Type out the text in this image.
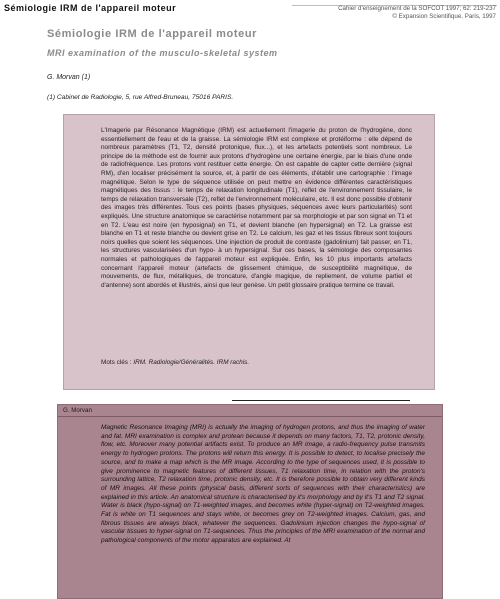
Sémiologie IRM de l'appareil moteur	Cahier d'enseignement de la SOFCOT 1997; 62: 219-237
© Expansion Scientifique, Paris, 1997
Sémiologie IRM de l'appareil moteur
MRI examination of the musculo-skeletal system
G. Morvan (1)
(1) Cabinet de Radiologie, 5, rue Alfred-Bruneau, 75016 PARIS.
L'Imagerie par Résonance Magnétique (IRM) est actuellement l'imagerie du proton de l'hydrogène, donc essentiellement de l'eau et de la graisse. La sémiologie IRM est complexe et protéiforme : elle dépend de nombreux paramètres (T1, T2, densité protonique, flux...), et les artefacts potentiels sont nombreux. Le principe de la méthode est de fournir aux protons d'hydrogène une certaine énergie, par le biais d'une onde de radiofréquence. Les protons vont restituer cette énergie. On est capable de capter cette dernière (signal RM), d'en localiser précisément la source, et, à partir de ces éléments, d'établir une cartographie : l'image magnétique. Selon le type de séquence utilisée on peut mettre en évidence différentes caractéristiques magnétiques des tissus : le temps de relaxation longitudinale (T1), reflet de l'environnement tissulaire, le temps de relaxation transversale (T2), reflet de l'environnement moléculaire, etc. Il est donc possible d'obtenir des images très différentes. Tous ces points (bases physiques, séquences avec leurs particularités) sont expliqués. Une structure anatomique se caractérise notamment par sa morphologie et par son signal en T1 et en T2. L'eau est noire (en hyposignal) en T1, et devient blanche (en hypersignal) en T2. La graisse est blanche en T1 et reste blanche ou devient grise en T2. Le calcium, les gaz et les tissus fibreux sont toujours noirs quelles que soient les séquences. Une injection de produit de contraste (gadolinium) fait passer, en T1, les structures vascularisées d'un hypo- à un hypersignal. Sur ces bases, la sémiologie des composantes normales et pathologiques de l'appareil moteur est expliquée. Enfin, les 10 plus importants artefacts concernant l'appareil moteur (artefacts de glissement chimique, de susceptibilité magnétique, de mouvements, de flux, métalliques, de troncature, d'angle magique, de repliement, de volume partiel et d'antenne) sont abordés et illustrés, ainsi que leur genèse. Un petit glossaire pratique termine ce travail.
Mots clés : IRM. Radiologie/Généralités. IRM rachis.
G. Morvan
Magnetic Resonance Imaging (MRI) is actually the imaging of hydrogen protons, and thus the imaging of water and fat. MRI examination is complex and protean because it depends on many factors, T1, T2, protonic density, flow, etc. Moreover many potential artifacts exist. To produce an MR image, a radio-frequency pulse transmits energy to hydrogen protons. The protons will return this energy. It is possible to detect, to localise precisely the source, and to make a map which is the MR image. According to the type of sequences used, it is possible to give prominence to magnetic features of different tissues, T1 relaxation time, in relation with the proton's surrounding lattice, T2 relaxation time, protonic density, etc. It is therefore possible to obtain very different kinds of MR images. All these points (physical basis, different sorts of sequences with their characteristics) are explained in this article. An anatomical structure is characterised by it's morphology and by it's T1 and T2 signal. Water is black (hypo-signal) on T1-weighted images, and becomes white (hyper-signal) on T2-weighted images. Fat is white on T1 sequences and stays white, or becomes grey on T2-weighted images. Calcium, gas, and fibrous tissues are always black, whatever the sequences. Gadolinium injection changes the hypo-signal of vascular tissues to hyper-signal on T1-sequences. Thus the principles of the MRI examination of the normal and pathological components of the motor apparatus are explained. At
